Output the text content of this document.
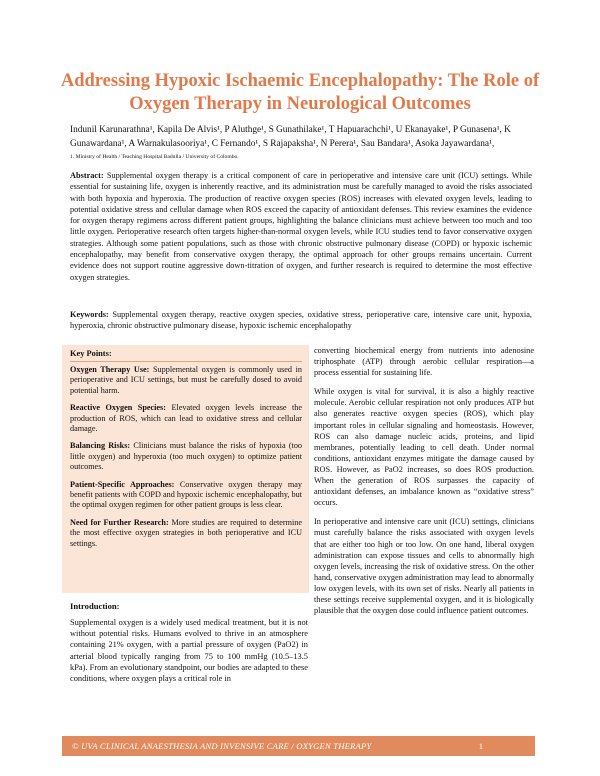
Addressing Hypoxic Ischaemic Encephalopathy: The Role of Oxygen Therapy in Neurological Outcomes
Indunil Karunarathna¹, Kapila De Alvis¹, P Aluthge¹, S Gunathilake¹, T Hapuarachchi¹, U Ekanayake¹, P Gunasena¹, K Gunawardana¹, A Warnakulasooriya¹, C Fernando¹, S Rajapaksha¹, N Perera¹, Sau Bandara¹, Asoka Jayawardana¹,
1. Ministry of Health / Teaching Hospital Badulla / University of Colombo.

Abstract: Supplemental oxygen therapy is a critical component of care in perioperative and intensive care unit (ICU) settings. While essential for sustaining life, oxygen is inherently reactive, and its administration must be carefully managed to avoid the risks associated with both hypoxia and hyperoxia. The production of reactive oxygen species (ROS) increases with elevated oxygen levels, leading to potential oxidative stress and cellular damage when ROS exceed the capacity of antioxidant defenses. This review examines the evidence for oxygen therapy regimens across different patient groups, highlighting the balance clinicians must achieve between too much and too little oxygen. Perioperative research often targets higher-than-normal oxygen levels, while ICU studies tend to favor conservative oxygen strategies. Although some patient populations, such as those with chronic obstructive pulmonary disease (COPD) or hypoxic ischemic encephalopathy, may benefit from conservative oxygen therapy, the optimal approach for other groups remains uncertain. Current evidence does not support routine aggressive down-titration of oxygen, and further research is required to determine the most effective oxygen strategies.

Keywords: Supplemental oxygen therapy, reactive oxygen species, oxidative stress, perioperative care, intensive care unit, hypoxia, hyperoxia, chronic obstructive pulmonary disease, hypoxic ischemic encephalopathy

Key Points:

Oxygen Therapy Use: Supplemental oxygen is commonly used in perioperative and ICU settings, but must be carefully dosed to avoid potential harm.

Reactive Oxygen Species: Elevated oxygen levels increase the production of ROS, which can lead to oxidative stress and cellular damage.

Balancing Risks: Clinicians must balance the risks of hypoxia (too little oxygen) and hyperoxia (too much oxygen) to optimize patient outcomes.

Patient-Specific Approaches: Conservative oxygen therapy may benefit patients with COPD and hypoxic ischemic encephalopathy, but the optimal oxygen regimen for other patient groups is less clear.

Need for Further Research: More studies are required to determine the most effective oxygen strategies in both perioperative and ICU settings.

Introduction:

Supplemental oxygen is a widely used medical treatment, but it is not without potential risks. Humans evolved to thrive in an atmosphere containing 21% oxygen, with a partial pressure of oxygen (PaO2) in arterial blood typically ranging from 75 to 100 mmHg (10.5–13.5 kPa). From an evolutionary standpoint, our bodies are adapted to these conditions, where oxygen plays a critical role in

converting biochemical energy from nutrients into adenosine triphosphate (ATP) through aerobic cellular respiration—a process essential for sustaining life.

While oxygen is vital for survival, it is also a highly reactive molecule. Aerobic cellular respiration not only produces ATP but also generates reactive oxygen species (ROS), which play important roles in cellular signaling and homeostasis. However, ROS can also damage nucleic acids, proteins, and lipid membranes, potentially leading to cell death. Under normal conditions, antioxidant enzymes mitigate the damage caused by ROS. However, as PaO2 increases, so does ROS production. When the generation of ROS surpasses the capacity of antioxidant defenses, an imbalance known as “oxidative stress” occurs.

In perioperative and intensive care unit (ICU) settings, clinicians must carefully balance the risks associated with oxygen levels that are either too high or too low. On one hand, liberal oxygen administration can expose tissues and cells to abnormally high oxygen levels, increasing the risk of oxidative stress. On the other hand, conservative oxygen administration may lead to abnormally low oxygen levels, with its own set of risks. Nearly all patients in these settings receive supplemental oxygen, and it is biologically plausible that the oxygen dose could influence patient outcomes.

© UVA CLINICAL ANAESTHESIA AND INVENSIVE CARE / OXYGEN THERAPY	1
